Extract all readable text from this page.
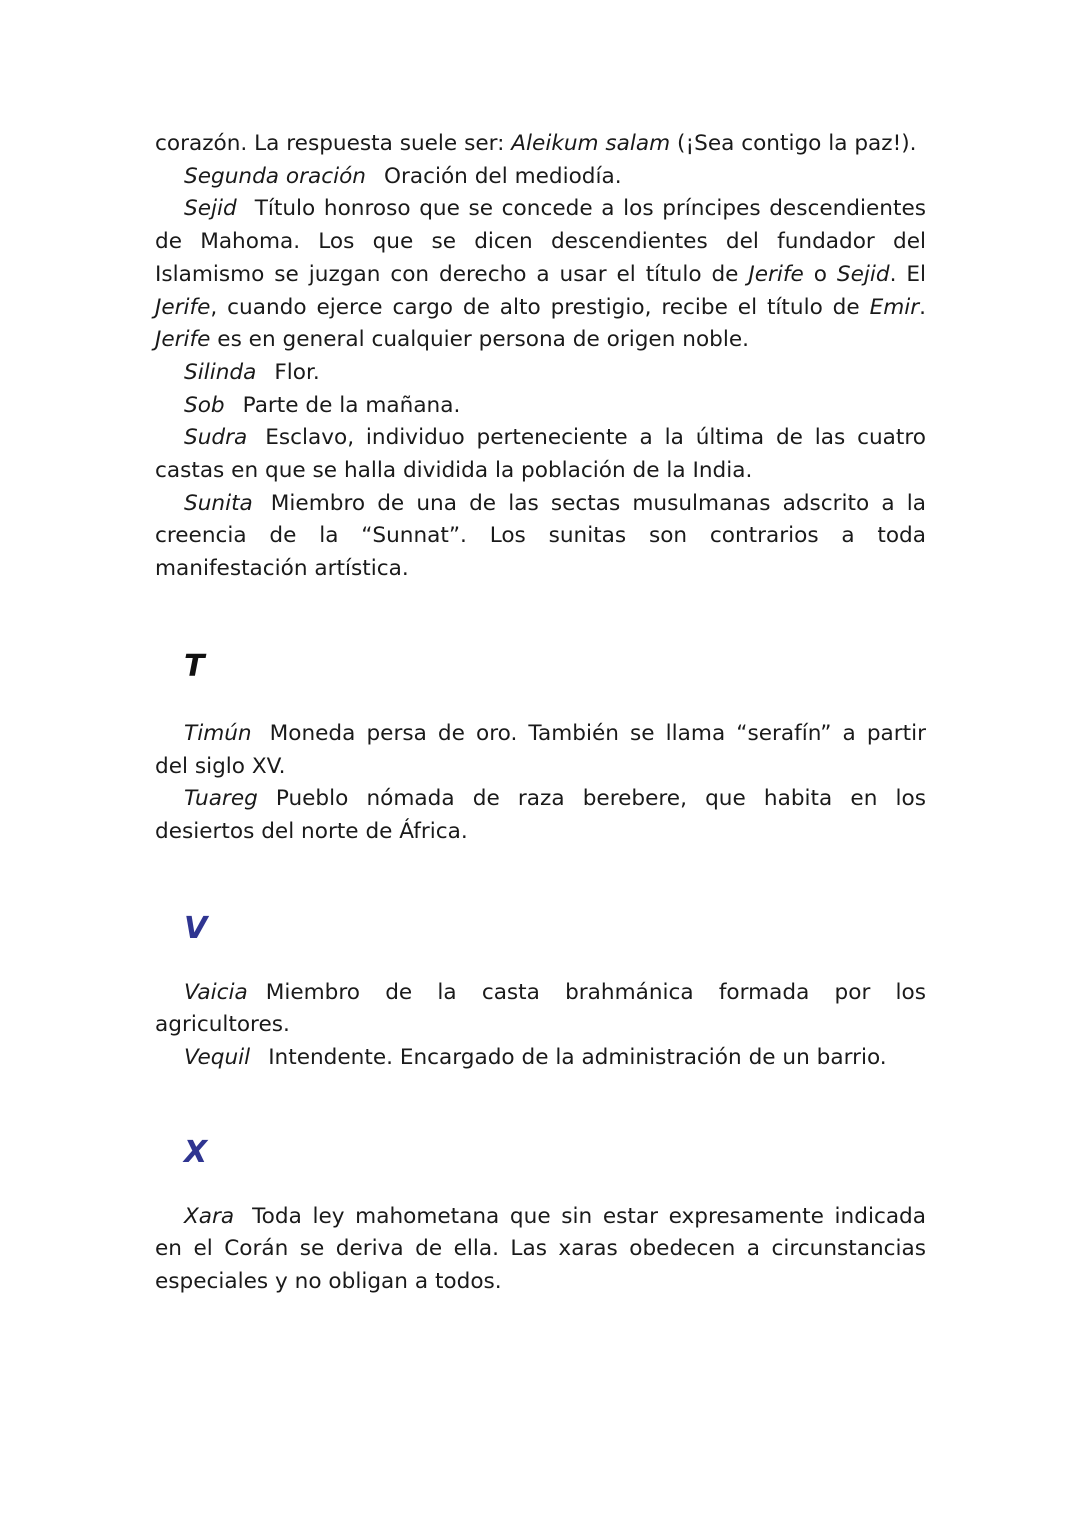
corazón. La respuesta suele ser: Aleikum salam (¡Sea contigo la paz!).

Segunda oración Oración del mediodía.

Sejid Título honroso que se concede a los príncipes descendientes de Mahoma. Los que se dicen descendientes del fundador del Islamismo se juzgan con derecho a usar el título de Jerife o Sejid. El Jerife, cuando ejerce cargo de alto prestigio, recibe el título de Emir. Jerife es en general cualquier persona de origen noble.

Silinda Flor.

Sob Parte de la mañana.

Sudra Esclavo, individuo perteneciente a la última de las cuatro castas en que se halla dividida la población de la India.

Sunita Miembro de una de las sectas musulmanas adscrito a la creencia de la “Sunnat”. Los sunitas son contrarios a toda manifestación artística.

T

Timún Moneda persa de oro. También se llama “serafín” a partir del siglo XV.

Tuareg Pueblo nómada de raza berebere, que habita en los desiertos del norte de África.

V

Vaicia Miembro de la casta brahmánica formada por los agricultores.

Vequil Intendente. Encargado de la administración de un barrio.

X

Xara Toda ley mahometana que sin estar expresamente indicada en el Corán se deriva de ella. Las xaras obedecen a circunstancias especiales y no obligan a todos.
